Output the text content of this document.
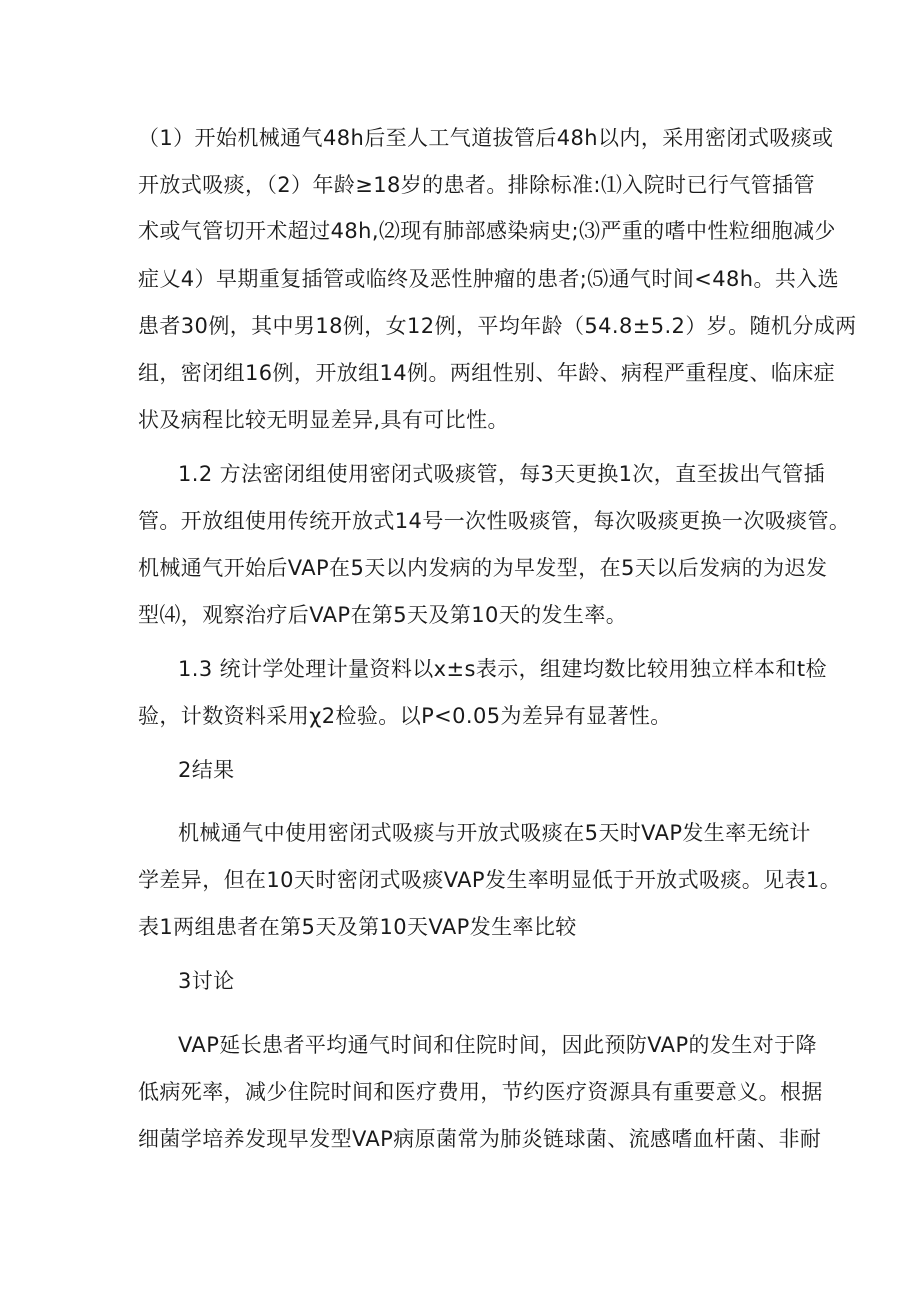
（1）开始机械通气48h后至人工气道拔管后48h以内，采用密闭式吸痰或
开放式吸痰，（2）年龄≥18岁的患者。排除标准:⑴入院时已行气管插管
术或气管切开术超过48h,⑵现有肺部感染病史;⑶严重的嗜中性粒细胞减少
症乂4）早期重复插管或临终及恶性肿瘤的患者;⑸通气时间<48h。共入选
患者30例，其中男18例，女12例，平均年龄（54.8±5.2）岁。随机分成两
组，密闭组16例，开放组14例。两组性别、年龄、病程严重程度、临床症
状及病程比较无明显差异,具有可比性。
1.2 方法密闭组使用密闭式吸痰管，每3天更换1次，直至拔出气管插
管。开放组使用传统开放式14号一次性吸痰管，每次吸痰更换一次吸痰管。
机械通气开始后VAP在5天以内发病的为早发型，在5天以后发病的为迟发
型⑷，观察治疗后VAP在第5天及第10天的发生率。
1.3 统计学处理计量资料以x±s表示，组建均数比较用独立样本和t检
验，计数资料采用χ2检验。以P<0.05为差异有显著性。
2结果
机械通气中使用密闭式吸痰与开放式吸痰在5天时VAP发生率无统计
学差异，但在10天时密闭式吸痰VAP发生率明显低于开放式吸痰。见表1。
表1两组患者在第5天及第10天VAP发生率比较
3讨论
VAP延长患者平均通气时间和住院时间，因此预防VAP的发生对于降
低病死率，减少住院时间和医疗费用，节约医疗资源具有重要意义。根据
细菌学培养发现早发型VAP病原菌常为肺炎链球菌、流感嗜血杆菌、非耐
